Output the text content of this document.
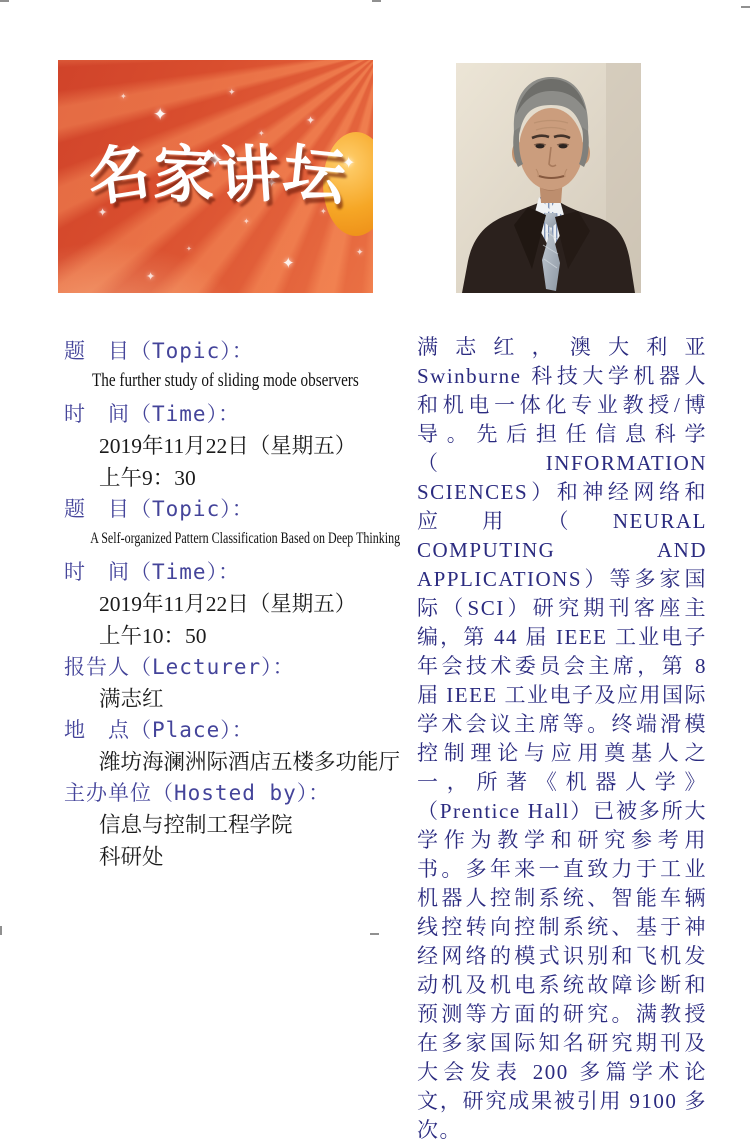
✦
✦
✦
✦
✦
✦
✦
✦
✦
✦
✦
✦
✦
✦
✦
✦
名
家
讲
坛
题　目（Topic）：
The further study of sliding mode observers
时　间（Time）：
2019年11月22日（星期五）
上午9：30
题　目（Topic）：
A Self-organized Pattern Classification Based on Deep Thinking
时　间（Time）：
2019年11月22日（星期五）
上午10：50
报告人（Lecturer）：
满志红
地　点（Place）：
潍坊海澜洲际酒店五楼多功能厅
主办单位（Hosted by）：
信息与控制工程学院
科研处
满志红，澳大利亚 Swinburne 科技大学机器人和机电一体化专业教授/博导。先后担任信息科学（INFORMATION SCIENCES）和神经网络和应用（NEURAL COMPUTING AND APPLICATIONS）等多家国际（SCI）研究期刊客座主编，第 44 届 IEEE 工业电子年会技术委员会主席，第 8 届 IEEE 工业电子及应用国际学术会议主席等。终端滑模控制理论与应用奠基人之一，所著《机器人学》（Prentice Hall）已被多所大学作为教学和研究参考用书。多年来一直致力于工业机器人控制系统、智能车辆线控转向控制系统、基于神经网络的模式识别和飞机发动机及机电系统故障诊断和预测等方面的研究。满教授在多家国际知名研究期刊及大会发表 200 多篇学术论文，研究成果被引用 9100 多次。
